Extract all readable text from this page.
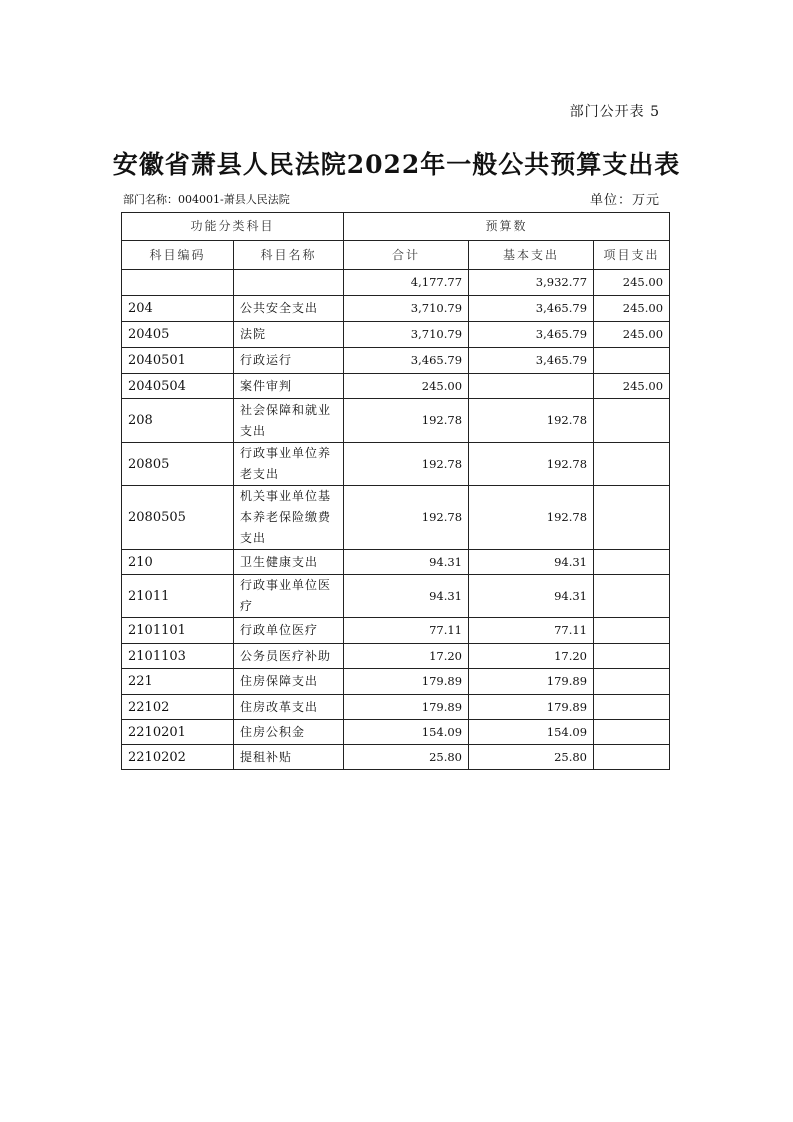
部门公开表 5
安徽省萧县人民法院2022年一般公共预算支出表
部门名称：004001-萧县人民法院	单位：万元
功能分类科目		预算数		
科目编码	科目名称	合计	基本支出	项目支出
		4,177.77	3,932.77	245.00
204	公共安全支出	3,710.79	3,465.79	245.00
20405	法院	3,710.79	3,465.79	245.00
2040501	行政运行	3,465.79	3,465.79	
2040504	案件审判	245.00		245.00
208	社会保障和就业支出	192.78	192.78	
20805	行政事业单位养老支出	192.78	192.78	
2080505	机关事业单位基本养老保险缴费支出	192.78	192.78	
210	卫生健康支出	94.31	94.31	
21011	行政事业单位医疗	94.31	94.31	
2101101	行政单位医疗	77.11	77.11	
2101103	公务员医疗补助	17.20	17.20	
221	住房保障支出	179.89	179.89	
22102	住房改革支出	179.89	179.89	
2210201	住房公积金	154.09	154.09	
2210202	提租补贴	25.80	25.80	
